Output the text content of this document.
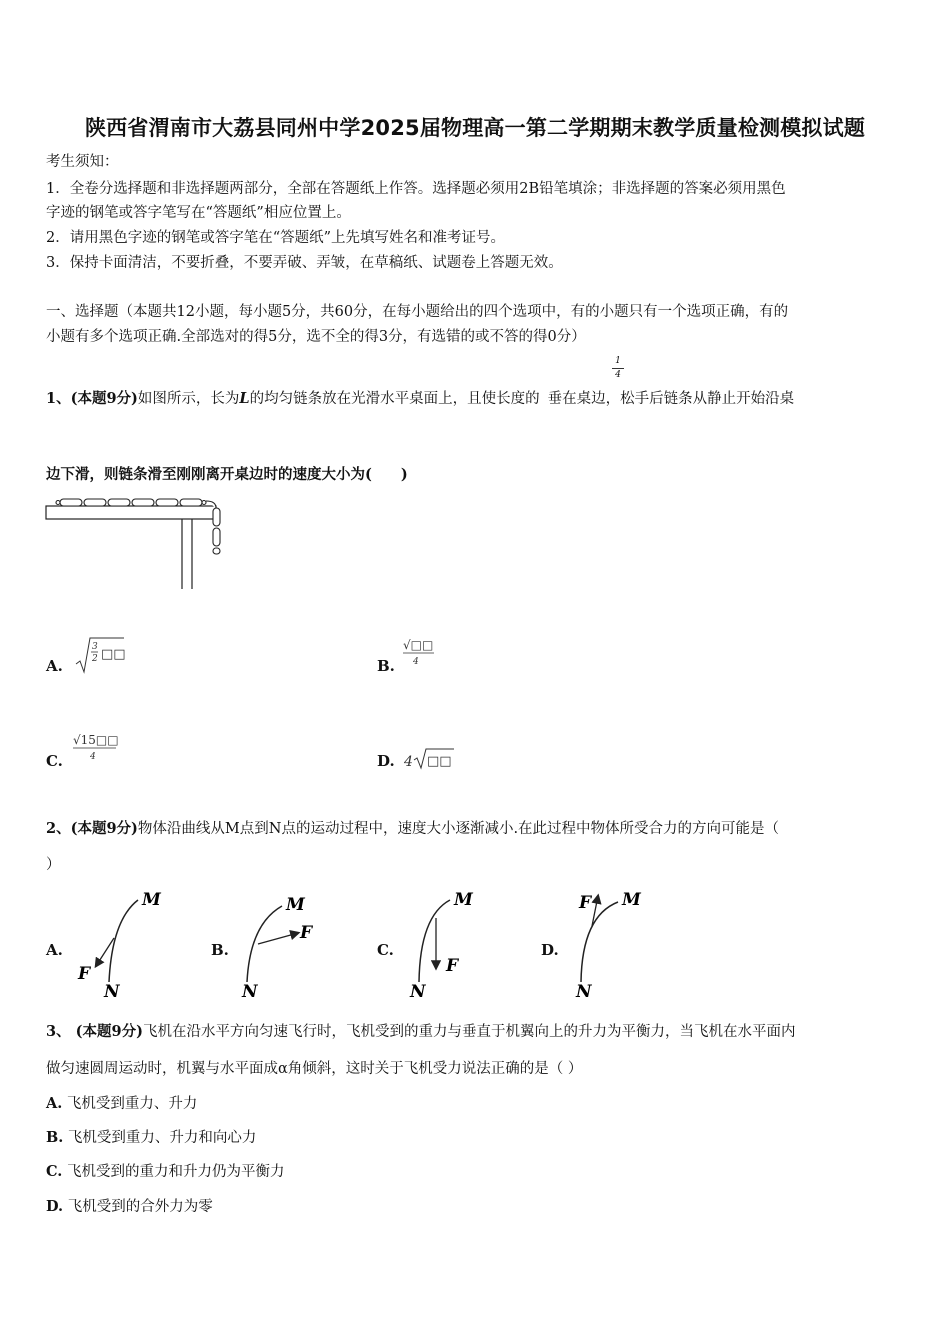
陕西省渭南市大荔县同州中学2025届物理高一第二学期期末教学质量检测模拟试题
考生须知：
1．全卷分选择题和非选择题两部分，全部在答题纸上作答。选择题必须用2B铅笔填涂；非选择题的答案必须用黑色
字迹的钢笔或答字笔写在“答题纸”相应位置上。
2．请用黑色字迹的钢笔或答字笔在“答题纸”上先填写姓名和准考证号。
3．保持卡面清洁，不要折叠，不要弄破、弄皱，在草稿纸、试题卷上答题无效。
一、选择题（本题共12小题，每小题5分，共60分，在每小题给出的四个选项中，有的小题只有一个选项正确，有的
小题有多个选项正确.全部选对的得5分，选不全的得3分，有选错的或不答的得0分）
1、(本题9分)如图所示，长为L的均匀链条放在光滑水平桌面上，且使长度的 垂在桌边，松手后链条从静止开始沿桌
1
4
边下滑，则链条滑至刚刚离开桌边时的速度大小为(　　)
A.
3
2 □□
B.
√□□
4
C.
√15□□
4	D. 4 □□
2、(本题9分)物体沿曲线从M点到N点的运动过程中，速度大小逐渐减小.在此过程中物体所受合力的方向可能是（
）
A.
M
N
F
B.
M
N
F
C.
M
N
F
D.
M
N
F
3、 (本题9分)飞机在沿水平方向匀速飞行时，飞机受到的重力与垂直于机翼向上的升力为平衡力，当飞机在水平面内
做匀速圆周运动时，机翼与水平面成α角倾斜，这时关于飞机受力说法正确的是（ ）
A. 飞机受到重力、升力
B. 飞机受到重力、升力和向心力
C. 飞机受到的重力和升力仍为平衡力
D. 飞机受到的合外力为零
